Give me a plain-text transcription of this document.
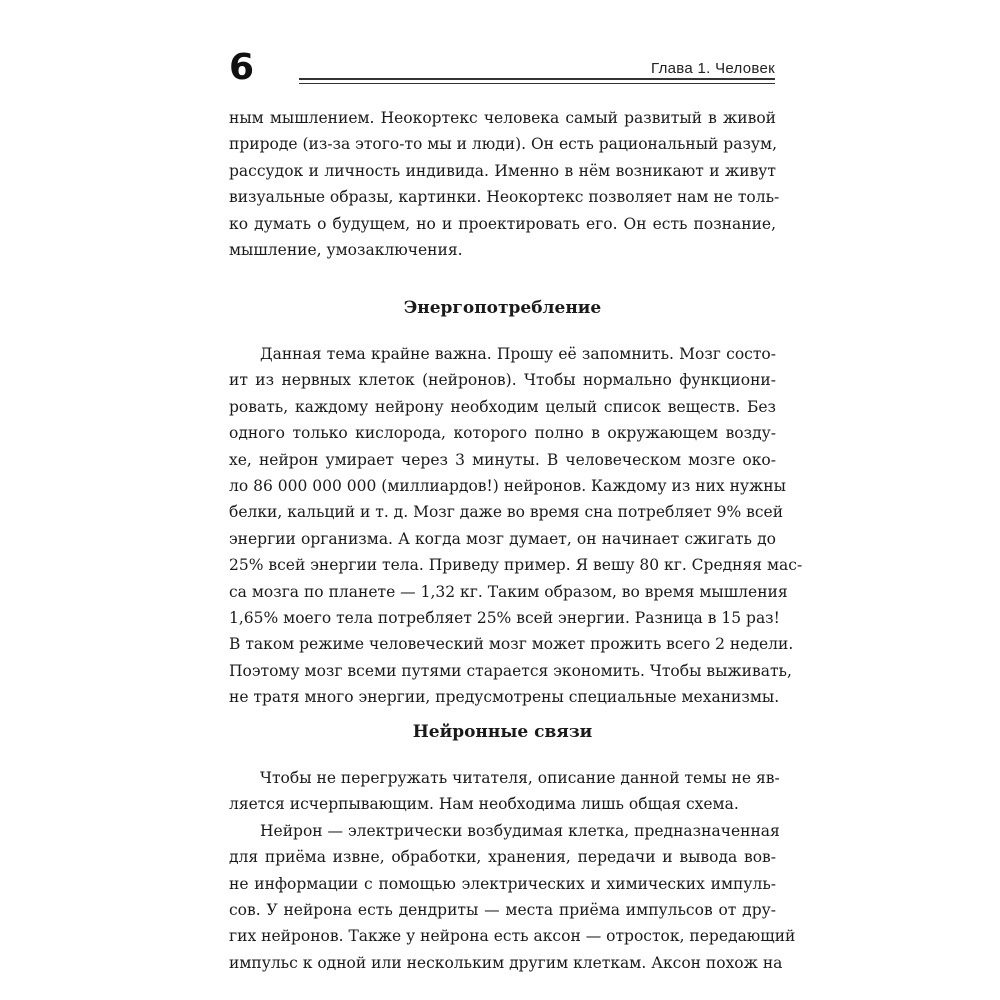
6	Глава 1. Человек
ным мышлением. Неокортекс человека самый развитый в живой
природе (из-за этого-то мы и люди). Он есть рациональный разум,
рассудок и личность индивида. Именно в нём возникают и живут
визуальные образы, картинки. Неокортекс позволяет нам не толь-
ко думать о будущем, но и проектировать его. Он есть познание,
мышление, умозаключения.
Энергопотребление
Данная тема крайне важна. Прошу её запомнить. Мозг состо-
ит из нервных клеток (нейронов). Чтобы нормально функциони-
ровать, каждому нейрону необходим целый список веществ. Без
одного только кислорода, которого полно в окружающем возду-
хе, нейрон умирает через 3 минуты. В человеческом мозге око-
ло 86 000 000 000 (миллиардов!) нейронов. Каждому из них нужны
белки, кальций и т. д. Мозг даже во время сна потребляет 9% всей
энергии организма. А когда мозг думает, он начинает сжигать до
25% всей энергии тела. Приведу пример. Я вешу 80 кг. Средняя мас-
са мозга по планете — 1,32 кг. Таким образом, во время мышления
1,65% моего тела потребляет 25% всей энергии. Разница в 15 раз!
В таком режиме человеческий мозг может прожить всего 2 недели.
Поэтому мозг всеми путями старается экономить. Чтобы выживать,
не тратя много энергии, предусмотрены специальные механизмы.
Нейронные связи
Чтобы не перегружать читателя, описание данной темы не яв-
ляется исчерпывающим. Нам необходима лишь общая схема.
Нейрон — электрически возбудимая клетка, предназначенная
для приёма извне, обработки, хранения, передачи и вывода вов-
не информации с помощью электрических и химических импуль-
сов. У нейрона есть дендриты — места приёма импульсов от дру-
гих нейронов. Также у нейрона есть аксон — отросток, передающий
импульс к одной или нескольким другим клеткам. Аксон похож на
